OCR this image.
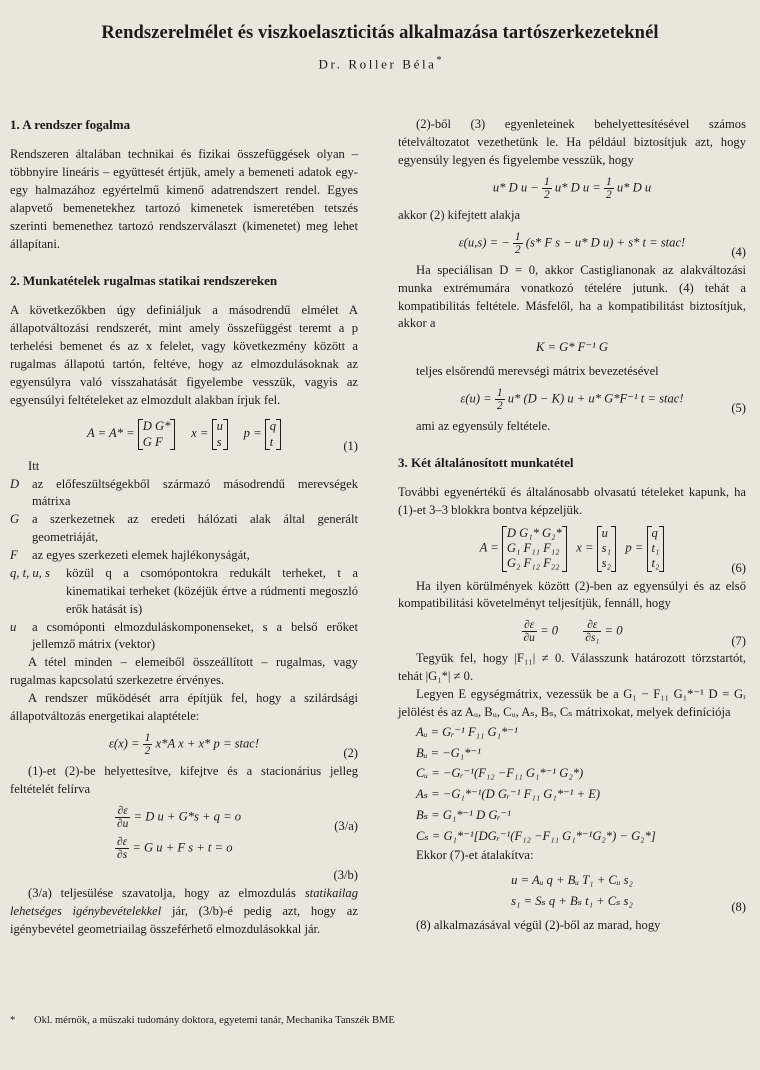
Rendszerelmélet és viszkoelaszticitás alkalmazása tartószerkezeteknél
Dr. Roller Béla*
1. A rendszer fogalma

Rendszeren általában technikai és fizikai összefüggések olyan – többnyire lineáris – együttesét értjük, amely a bemeneti adatok egy-egy halmazához egyértelmű kimenő adatrendszert rendel. Egyes alapvető bemenetekhez tartozó kimenetek ismeretében tetszés szerinti bemenethez tartozó rendszerválaszt (kimenetet) meg lehet állapítani.

2. Munkatételek rugalmas statikai rendszereken

A következőkben úgy definiáljuk a másodrendű elmélet A állapotváltozási rendszerét, mint amely összefüggést teremt a p terhelési bemenet és az x felelet, vagy következmény között a rugalmas állapotú tartón, feltéve, hogy az elmozdulásoknak az egyensúlyra való visszahatását figyelembe vesszük, vagyis az egyensúlyi feltételeket az elmozdult alakban írjuk fel.

A = A* = D G*
G F
x = u
s
p = q
t	(1)

Itt

D	az előfeszültségekből származó másodrendű merevségek mátrixa
G	a szerkezetnek az eredeti hálózati alak által generált geometriáját,
F	az egyes szerkezeti elemek hajlékonyságát,
q, t, u, s	közül q a csomópontokra redukált terheket, t a kinematikai terheket (közéjük értve a rúdmenti megoszló erők hatását is)
u	a csomóponti elmozduláskomponenseket, s a belső erőket jellemző mátrix (vektor)

A tétel minden – elemeiből összeállított – rugalmas, vagy rugalmas kapcsolatú szerkezetre érvényes.

A rendszer működését arra építjük fel, hogy a szilárdsági állapotváltozás energetikai alaptétele:

$\varepsilon(x) = \frac{1}{2} x*A$ x + x* p = stac!
(2)

(1)-et (2)-be helyettesítve, kifejtve és a stacionárius jelleg feltételét felírva

$\frac{\partial\varepsilon}{\partial u} = D$ u + G*s + q = o
(3/a)
$\frac{\partial\varepsilon}{\partial s} = G$ u + F s + t = o
(3/b)

(3/a) teljesülése szavatolja, hogy az elmozdulás statikailag lehetséges igénybevételekkel jár, (3/b)-é pedig azt, hogy az igénybevétel geometriailag összeférhető elmozdulásokkal jár.

(2)-ből (3) egyenleteinek behelyettesítésével számos tételváltozatot vezethetünk le. Ha például biztosítjuk azt, hogy egyensúly legyen és figyelembe vesszük, hogy

u* D $u - \frac{1}{2} u*$ D $u = \frac{1}{2} u*$ D u

akkor (2) kifejtett alakja

ε(u,s) = − $\frac{1}{2} (s*$ F s − u* D u) + s* t = stac!
(4)

Ha speciálisan D = 0, akkor Castiglianonak az alakváltozási munka extrémumára vonatkozó tételére jutunk. (4) tehát a kompatibilitás feltétele. Másfelől, ha a kompatibilitást biztosítjuk, akkor a

K = G* F⁻¹ G

teljes elsőrendű merevségi mátrix bevezetésével

$\varepsilon(u) = \frac{1}{2} u*$ (D − K) u + u* G*F⁻¹ t = stac!
(5)

ami az egyensúly feltétele.

3. Két általánosított munkatétel

További egyenértékű és általánosabb olvasatú tételeket kapunk, ha (1)-et 3–3 blokkra bontva képzeljük.

A =
D G₁* G₂*
G₁ F₁₁ F₁₂
G₂ F₁₂ F₂₂
x =
u
s₁
s₂
p =
q
t₁
t₂	(6)

Ha ilyen körülmények között (2)-ben az egyensúlyi és az első kompatibilitási követelményt teljesítjük, fennáll, hogy

$\frac{\partial\varepsilon}{\partial u} = 0 \frac{\partial\varepsilon}{\text{∂s₁}} = 0$
(7)

Tegyük fel, hogy |F₁₁| ≠ 0. Válasszunk határozott törzstartót, tehát |G₁*| ≠ 0.

Legyen E egységmátrix, vezessük be a G₁ − F₁₁ G₁*⁻¹ D = Gᵣ jelölést és az Aᵤ, Bᵤ, Cᵤ, Aₛ, Bₛ, Cₛ mátrixokat, melyek definíciója

Aᵤ = Gᵣ⁻¹ F₁₁ G₁*⁻¹
Bᵤ = −G₁*⁻¹
Cᵤ = −Gᵣ⁻¹(F₁₂ −F₁₁ G₁*⁻¹ G₂*)
Aₛ = −G₁*⁻¹(D Gᵣ⁻¹ F₁₁ G₁*⁻¹ + E)
Bₛ = G₁*⁻¹ D Gᵣ⁻¹
Cₛ = G₁*⁻¹[DGᵣ⁻¹(F₁₂ −F₁₁ G₁*⁻¹G₂*) − G₂*]

Ekkor (7)-et átalakítva:

u = Aᵤ q + Bᵤ T₁ + Cᵤ s₂
s₁ = Sₛ q + Bₛ t₁ + Cₛ s₂	(8)

(8) alkalmazásával végül (2)-ből az marad, hogy

* Okl. mérnök, a műszaki tudomány doktora, egyetemi tanár, Mechanika Tanszék BME
